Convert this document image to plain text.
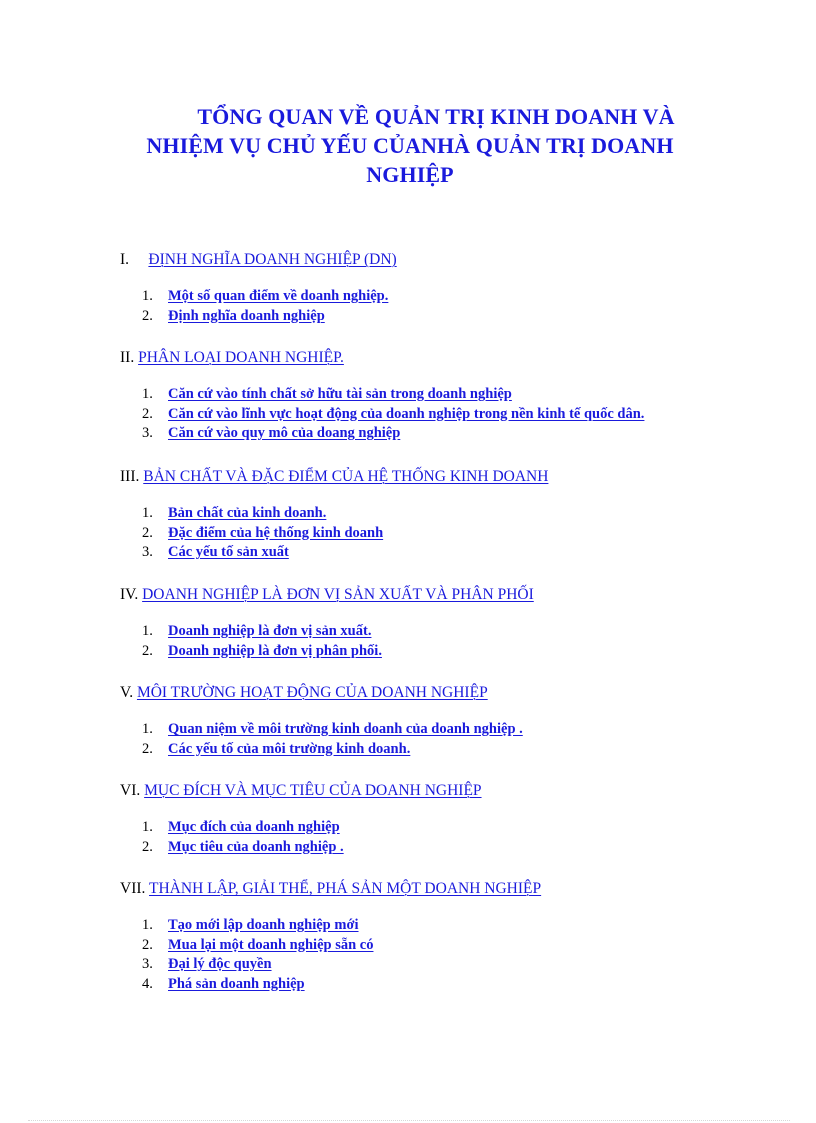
TỔNG QUAN VỀ QUẢN TRỊ KINH DOANH VÀ
NHIỆM VỤ CHỦ YẾU CỦANHÀ QUẢN TRỊ DOANH
NGHIỆP
I. ĐỊNH NGHĨA DOANH NGHIỆP (DN)
1. Một số quan điểm về doanh nghiệp.
2. Định nghĩa doanh nghiệp
II. PHÂN LOẠI DOANH NGHIỆP.
1. Căn cứ vào tính chất sở hữu tài sản trong doanh nghiệp
2. Căn cứ vào lĩnh vực hoạt động của doanh nghiệp trong nền kinh tế quốc dân.
3. Căn cứ vào quy mô của doang nghiệp
III. BẢN CHẤT VÀ ĐẶC ĐIỂM CỦA HỆ THỐNG KINH DOANH
1. Bản chất của kinh doanh.
2. Đặc điểm của hệ thống kinh doanh
3. Các yếu tố sản xuất
IV. DOANH NGHIỆP LÀ ĐƠN VỊ SẢN XUẤT VÀ PHÂN PHỐI
1. Doanh nghiệp là đơn vị sản xuất.
2. Doanh nghiệp là đơn vị phân phối.
V. MÔI TRƯỜNG HOẠT ĐỘNG CỦA DOANH NGHIỆP
1. Quan niệm về môi trường kinh doanh của doanh nghiệp .
2. Các yếu tố của môi trường kinh doanh.
VI. MỤC ĐÍCH VÀ MỤC TIÊU CỦA DOANH NGHIỆP
1. Mục đích của doanh nghiệp
2. Mục tiêu của doanh nghiệp .
VII. THÀNH LẬP, GIẢI THỂ, PHÁ SẢN MỘT DOANH NGHIỆP
1. Tạo mới lập doanh nghiệp mới
2. Mua lại một doanh nghiệp sẵn có
3. Đại lý độc quyền
4. Phá sản doanh nghiệp
